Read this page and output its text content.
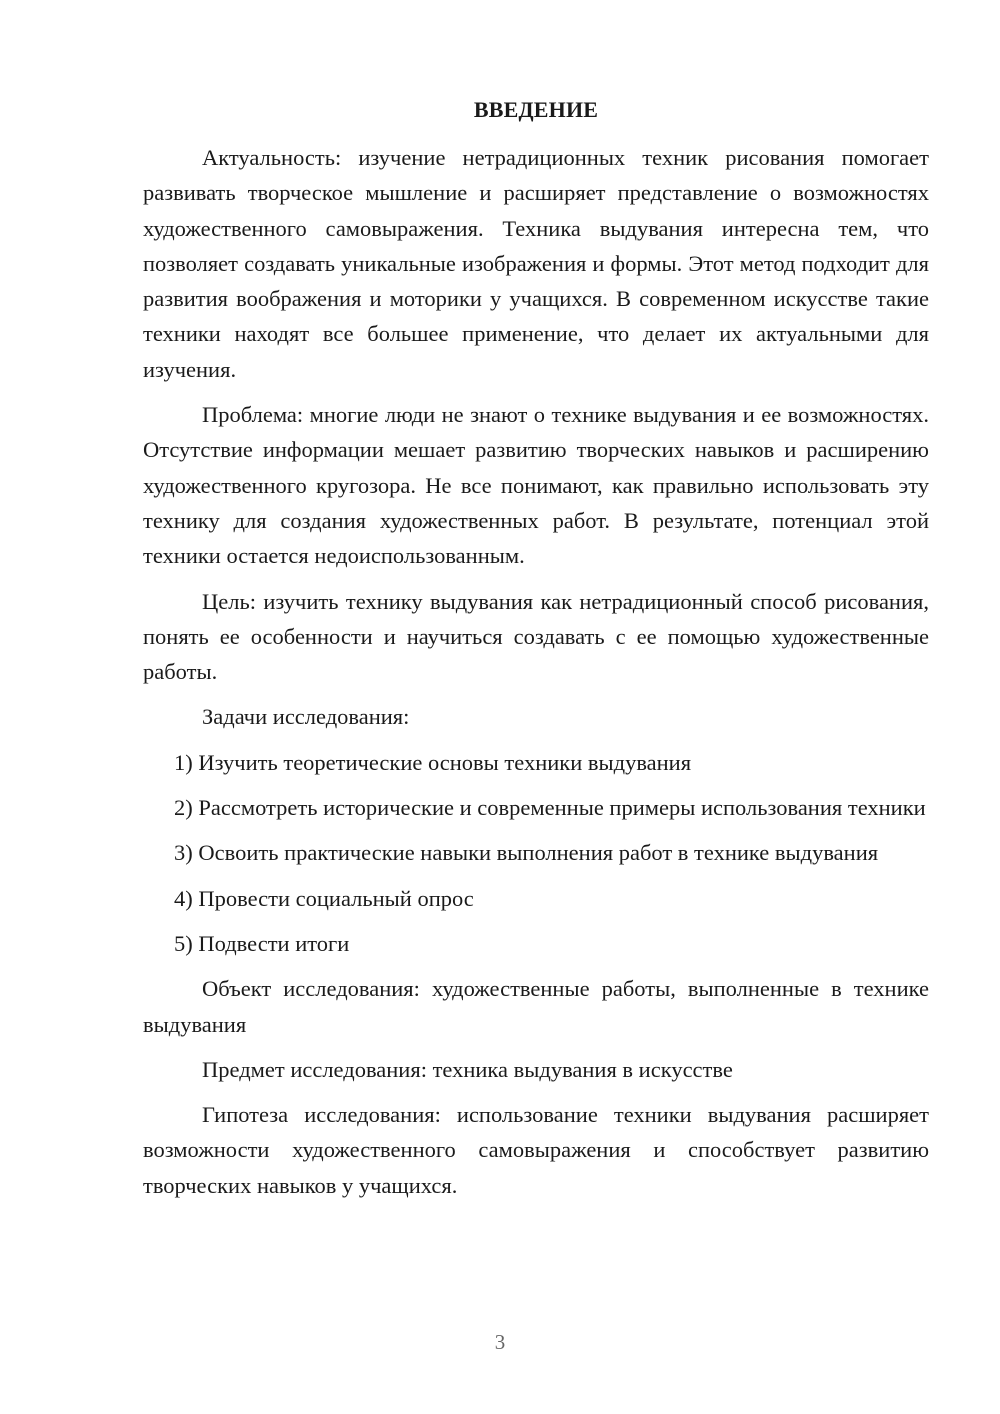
ВВЕДЕНИЕ

Актуальность: изучение нетрадиционных техник рисования помогает развивать творческое мышление и расширяет представление о возможностях художественного самовыражения. Техника выдувания интересна тем, что позволяет создавать уникальные изображения и формы. Этот метод подходит для развития воображения и моторики у учащихся. В современном искусстве такие техники находят все большее применение, что делает их актуальными для изучения.

Проблема: многие люди не знают о технике выдувания и ее возможностях. Отсутствие информации мешает развитию творческих навыков и расширению художественного кругозора. Не все понимают, как правильно использовать эту технику для создания художественных работ. В результате, потенциал этой техники остается недоиспользованным.

Цель: изучить технику выдувания как нетрадиционный способ рисования, понять ее особенности и научиться создавать с ее помощью художественные работы.

Задачи исследования:

1) Изучить теоретические основы техники выдувания

2) Рассмотреть исторические и современные примеры использования техники

3) Освоить практические навыки выполнения работ в технике выдувания

4) Провести социальный опрос

5) Подвести итоги

Объект исследования: художественные работы, выполненные в технике выдувания

Предмет исследования: техника выдувания в искусстве

Гипотеза исследования: использование техники выдувания расширяет возможности художественного самовыражения и способствует развитию творческих навыков у учащихся.

3
